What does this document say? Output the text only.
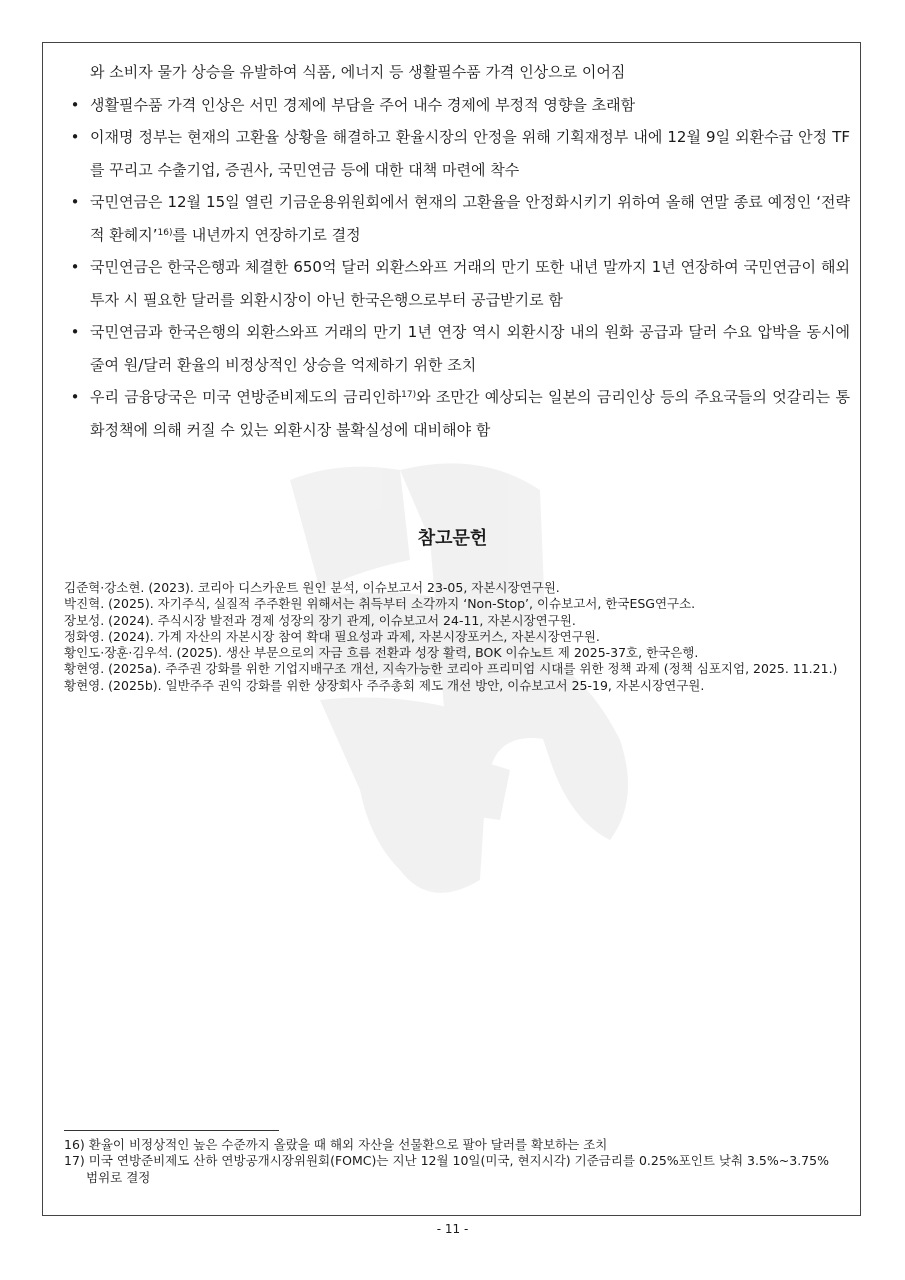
와 소비자 물가 상승을 유발하여 식품, 에너지 등 생활필수품 가격 인상으로 이어짐
• 생활필수품 가격 인상은 서민 경제에 부담을 주어 내수 경제에 부정적 영향을 초래함
• 이재명 정부는 현재의 고환율 상황을 해결하고 환율시장의 안정을 위해 기획재정부 내에 12월 9일 외환수급 안정 TF를 꾸리고 수출기업, 증권사, 국민연금 등에 대한 대책 마련에 착수
• 국민연금은 12월 15일 열린 기금운용위원회에서 현재의 고환율을 안정화시키기 위하여 올해 연말 종료 예정인 ‘전략적 환헤지’$^{16)}$를 내년까지 연장하기로 결정
• 국민연금은 한국은행과 체결한 650억 달러 외환스와프 거래의 만기 또한 내년 말까지 1년 연장하여 국민연금이 해외투자 시 필요한 달러를 외환시장이 아닌 한국은행으로부터 공급받기로 함
• 국민연금과 한국은행의 외환스와프 거래의 만기 1년 연장 역시 외환시장 내의 원화 공급과 달러 수요 압박을 동시에 줄여 원/달러 환율의 비정상적인 상승을 억제하기 위한 조치
• 우리 금융당국은 미국 연방준비제도의 금리인하$^{17)}$와 조만간 예상되는 일본의 금리인상 등의 주요국들의 엇갈리는 통화정책에 의해 커질 수 있는 외환시장 불확실성에 대비해야 함
참고문헌
김준혁·강소현. (2023). 코리아 디스카운트 원인 분석, 이슈보고서 23-05, 자본시장연구원.
박진혁. (2025). 자기주식, 실질적 주주환원 위해서는 취득부터 소각까지 ‘Non-Stop’, 이슈보고서, 한국ESG연구소.
장보성. (2024). 주식시장 발전과 경제 성장의 장기 관계, 이슈보고서 24-11, 자본시장연구원.
정화영. (2024). 가계 자산의 자본시장 참여 확대 필요성과 과제, 자본시장포커스, 자본시장연구원.
황인도·장훈·김우석. (2025). 생산 부문으로의 자금 흐름 전환과 성장 활력, BOK 이슈노트 제 2025-37호, 한국은행.
황현영. (2025a). 주주권 강화를 위한 기업지배구조 개선, 지속가능한 코리아 프리미엄 시대를 위한 정책 과제 (정책 심포지엄, 2025. 11.21.)
황현영. (2025b). 일반주주 권익 강화를 위한 상장회사 주주총회 제도 개선 방안, 이슈보고서 25-19, 자본시장연구원.
16) 환율이 비정상적인 높은 수준까지 올랐을 때 해외 자산을 선물환으로 팔아 달러를 확보하는 조치
17) 미국 연방준비제도 산하 연방공개시장위원회(FOMC)는 지난 12월 10일(미국, 현지시각) 기준금리를 0.25%포인트 낮춰 3.5%~3.75% 범위로 결정
- 11 -
